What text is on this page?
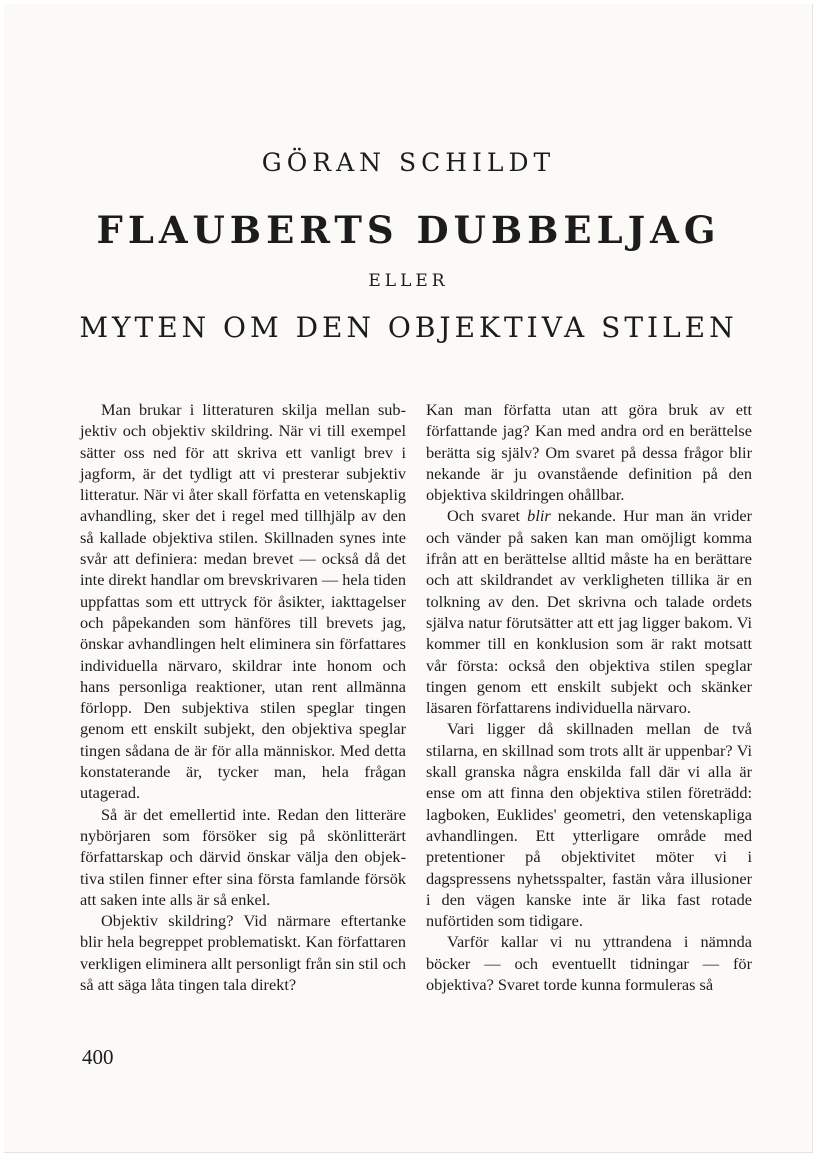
GÖRAN SCHILDT
FLAUBERTS DUBBELJAG
ELLER
MYTEN OM DEN OBJEKTIVA STILEN

Man brukar i litteraturen skilja mellan subjektiv och objektiv skildring. När vi till exempel sätter oss ned för att skriva ett vanligt brev i jagform, är det tydligt att vi presterar subjektiv litteratur. När vi åter skall författa en vetenskaplig avhandling, sker det i regel med tillhjälp av den så kallade objektiva stilen. Skillnaden synes inte svår att definiera: medan brevet — också då det inte direkt handlar om brevskrivaren — hela tiden uppfattas som ett uttryck för åsikter, iakttagelser och påpekanden som hänföres till brevets jag, önskar avhandlingen helt eliminera sin författares individuella närvaro, skildrar inte honom och hans personliga reaktioner, utan rent allmänna förlopp. Den subjektiva stilen speglar tingen genom ett enskilt subjekt, den objektiva speglar tingen sådana de är för alla människor. Med detta konstaterande är, tycker man, hela frågan utagerad.

Så är det emellertid inte. Redan den litteräre nybörjaren som försöker sig på skönlitterärt författarskap och därvid önskar välja den objektiva stilen finner efter sina första famlande försök att saken inte alls är så enkel.

Objektiv skildring? Vid närmare eftertanke blir hela begreppet problematiskt. Kan författaren verkligen eliminera allt personligt från sin stil och så att säga låta tingen tala direkt?

Kan man författa utan att göra bruk av ett författande jag? Kan med andra ord en berättelse berätta sig själv? Om svaret på dessa frågor blir nekande är ju ovanstående definition på den objektiva skildringen ohållbar.

Och svaret blir nekande. Hur man än vrider och vänder på saken kan man omöjligt komma ifrån att en berättelse alltid måste ha en berättare och att skildrandet av verkligheten tillika är en tolkning av den. Det skrivna och talade ordets själva natur förutsätter att ett jag ligger bakom. Vi kommer till en konklusion som är rakt motsatt vår första: också den objektiva stilen speglar tingen genom ett enskilt subjekt och skänker läsaren författarens individuella närvaro.

Vari ligger då skillnaden mellan de två stilarna, en skillnad som trots allt är uppenbar? Vi skall granska några enskilda fall där vi alla är ense om att finna den objektiva stilen företrädd: lagboken, Euklides' geometri, den vetenskapliga avhandlingen. Ett ytterligare område med pretentioner på objektivitet möter vi i dagspressens nyhetsspalter, fastän våra illusioner i den vägen kanske inte är lika fast rotade nuförtiden som tidigare.

Varför kallar vi nu yttrandena i nämnda böcker — och eventuellt tidningar — för objektiva? Svaret torde kunna formuleras så

400
